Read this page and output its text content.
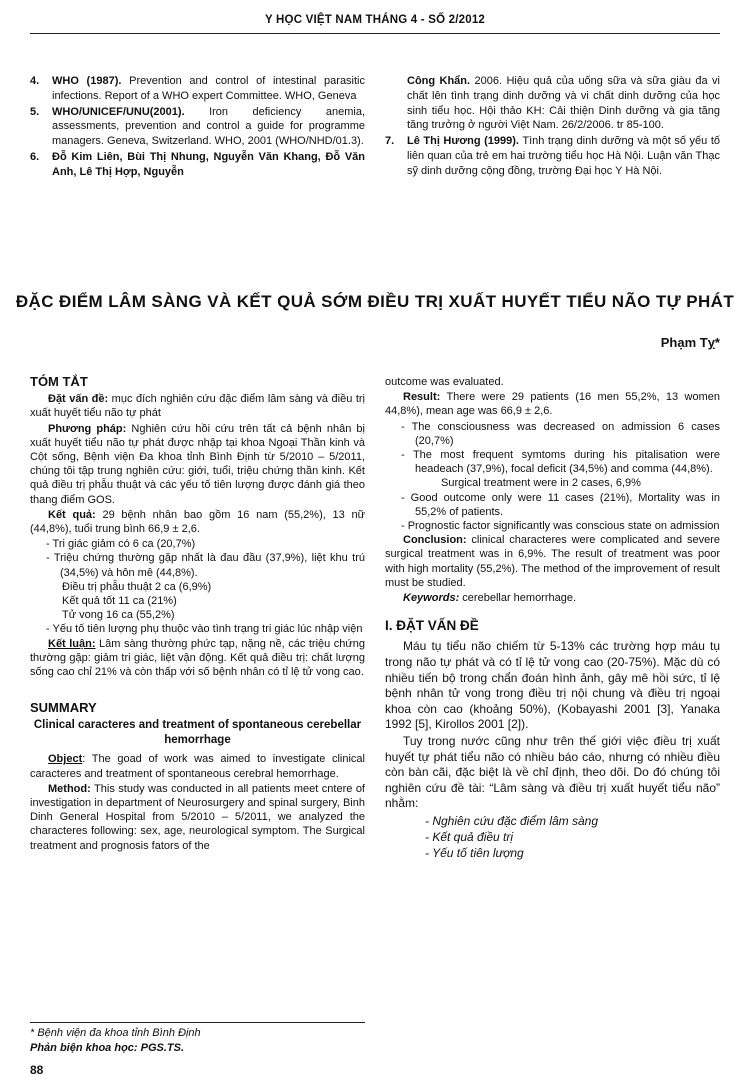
Y HỌC VIỆT NAM THÁNG 4 - SỐ 2/2012
4.	WHO (1987). Prevention and control of intestinal parasitic infections. Report of a WHO expert Committee. WHO, Geneva
5.	WHO/UNICEF/UNU(2001). Iron deficiency anemia, assessments, prevention and control a guide for programme managers. Geneva, Switzerland. WHO, 2001 (WHO/NHD/01.3).
6.	Đỗ Kim Liên, Bùi Thị Nhung, Nguyễn Văn Khang, Đỗ Văn Anh, Lê Thị Hợp, Nguyễn
Công Khẩn. 2006. Hiệu quả của uống sữa và sữa giàu đa vi chất lên tình trạng dinh dưỡng và vi chất dinh dưỡng của học sinh tiểu học. Hội thảo KH: Cải thiện Dinh dưỡng và gia tăng tăng trưởng ở người Việt Nam. 26/2/2006. tr 85-100.
7.	Lê Thị Hương (1999). Tình trạng dinh dưỡng và một số yếu tố liên quan của trẻ em hai trường tiểu học Hà Nội. Luận văn Thạc sỹ dinh dưỡng cộng đồng, trường Đại học Y Hà Nội.
ĐẶC ĐIỂM LÂM SÀNG VÀ KẾT QUẢ SỚM ĐIỀU TRỊ XUẤT HUYẾT TIỂU NÃO TỰ PHÁT
Phạm Tỵ*
TÓM TẮT

Đặt vấn đề: mục đích nghiên cứu đặc điểm lâm sàng và điều trị xuất huyết tiểu não tự phát

Phương pháp: Nghiên cứu hồi cứu trên tất cả bệnh nhân bị xuất huyết tiểu não tự phát được nhập tại khoa Ngoại Thần kinh và Cột sống, Bệnh viện Đa khoa tỉnh Bình Định từ 5/2010 – 5/2011, chúng tôi tập trung nghiên cứu: giới, tuổi, triệu chứng thần kinh. Kết quả điều trị phẫu thuật và các yếu tố tiên lượng được đánh giá theo thang điểm GOS.

Kết quả: 29 bệnh nhân bao gồm 16 nam (55,2%), 13 nữ (44,8%), tuổi trung bình 66,9 ± 2,6.

- Tri giác giảm có 6 ca (20,7%)

- Triệu chứng thường gặp nhất là đau đầu (37,9%), liệt khu trú (34,5%) và hôn mê (44,8%).

Điều trị phẫu thuật 2 ca (6,9%)

Kết quả tốt 11 ca (21%)

Tử vong 16 ca (55,2%)

- Yếu tố tiên lượng phụ thuộc vào tình trạng tri giác lúc nhập viện

Kết luận: Lâm sàng thường phức tạp, nặng nề, các triệu chứng thường gặp: giảm tri giác, liệt vận động. Kết quả điều trị: chất lượng sống cao chỉ 21% và còn thấp với số bệnh nhân có tỉ lệ tử vong cao.

SUMMARY
Clinical caracteres and treatment of spontaneous cerebellar hemorrhage

Object: The goad of work was aimed to investigate clinical caracteres and treatment of spontaneous cerebral hemorrhage.

Method: This study was conducted in all patients meet cntere of investigation in department of Neurosurgery and spinal surgery, Binh Dinh General Hospital from 5/2010 – 5/2011, we analyzed the characteres following: sex, age, neurological symptom. The Surgical treatment and prognosis fators of the

outcome was evaluated.

Result: There were 29 patients (16 men 55,2%, 13 women 44,8%), mean age was 66,9 ± 2,6.

- The consciousness was decreased on admission 6 cases (20,7%)

- The most frequent symtoms during his pitalisation were headeach (37,9%), focal deficit (34,5%) and comma (44,8%).

Surgical treatment were in 2 cases, 6,9%

- Good outcome only were 11 cases (21%), Mortality was in 55,2% of patients.

- Prognostic factor significantly was conscious state on admission

Conclusion: clinical characteres were complicated and severe surgical treatment was in 6,9%. The result of treatment was poor with high mortality (55,2%). The method of the improvement of result must be studied.

Keywords: cerebellar hemorrhage.

I. ĐẶT VẤN ĐỀ

Máu tụ tiểu não chiếm từ 5-13% các trường hợp máu tụ trong não tự phát và có tỉ lệ tử vong cao (20-75%). Mặc dù có nhiều tiến bộ trong chẩn đoán hình ảnh, gây mê hồi sức, tỉ lệ bệnh nhân tử vong trong điều trị nội chung và điều trị ngoại khoa còn cao (khoảng 50%), (Kobayashi 2001 [3], Yanaka 1992 [5], Kirollos 2001 [2]).

Tuy trong nước cũng như trên thế giới việc điều trị xuất huyết tự phát tiểu não có nhiều báo cáo, nhưng có nhiều điều còn bàn cãi, đặc biệt là về chỉ định, theo dõi. Do đó chúng tôi nghiên cứu đề tài: “Lâm sàng và điều trị xuất huyết tiểu não” nhằm:

- Nghiên cứu đặc điểm lâm sàng

- Kết quả điều trị

- Yếu tố tiên lượng

* Bệnh viện đa khoa tỉnh Bình Định
Phản biện khoa học: PGS.TS.
88
